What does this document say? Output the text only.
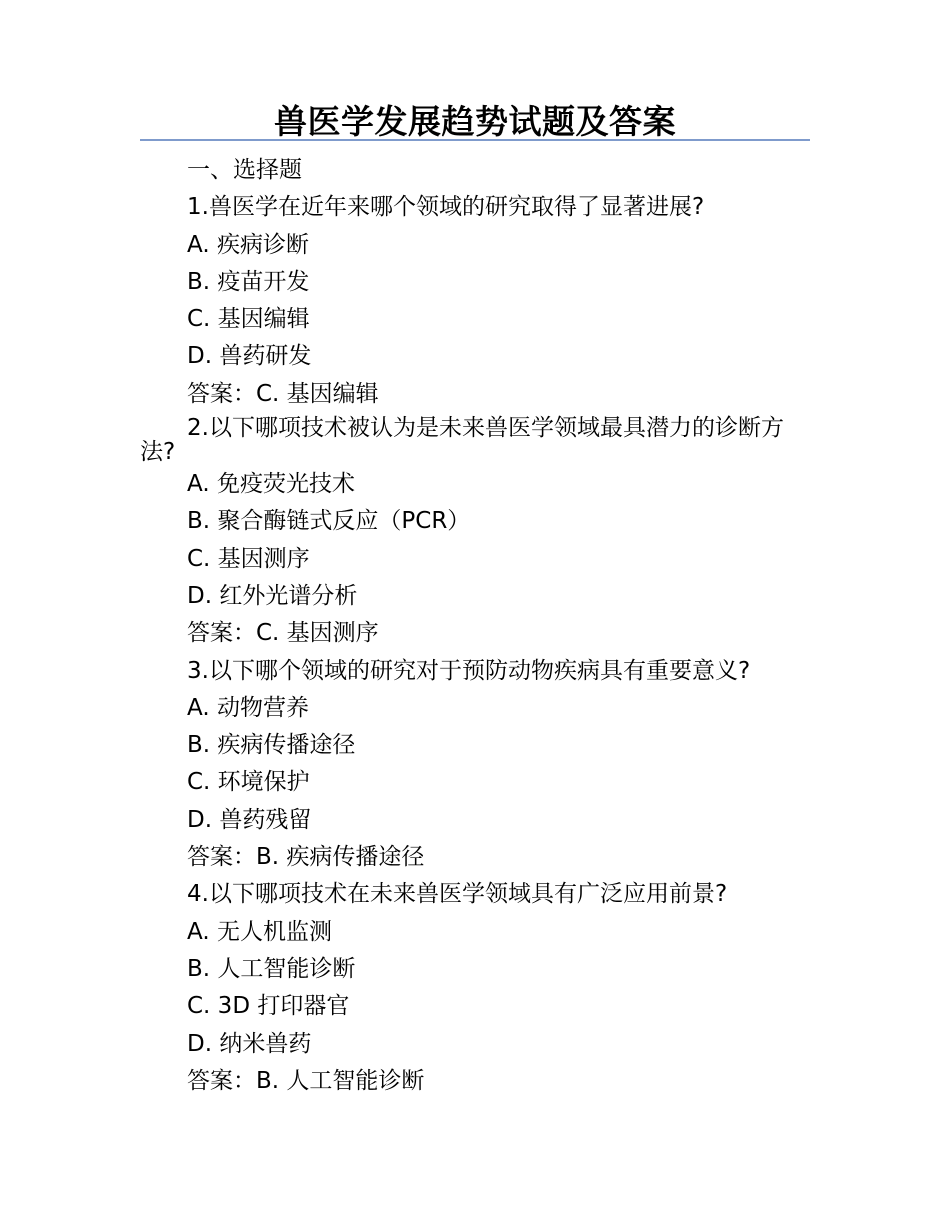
兽医学发展趋势试题及答案

一、选择题

1.兽医学在近年来哪个领域的研究取得了显著进展?

A. 疾病诊断

B. 疫苗开发

C. 基因编辑

D. 兽药研发

答案：C. 基因编辑

2.以下哪项技术被认为是未来兽医学领域最具潜力的诊断方法?

A. 免疫荧光技术

B. 聚合酶链式反应（PCR）

C. 基因测序

D. 红外光谱分析

答案：C. 基因测序

3.以下哪个领域的研究对于预防动物疾病具有重要意义?

A. 动物营养

B. 疾病传播途径

C. 环境保护

D. 兽药残留

答案：B. 疾病传播途径

4.以下哪项技术在未来兽医学领域具有广泛应用前景?

A. 无人机监测

B. 人工智能诊断

C. 3D 打印器官

D. 纳米兽药

答案：B. 人工智能诊断
